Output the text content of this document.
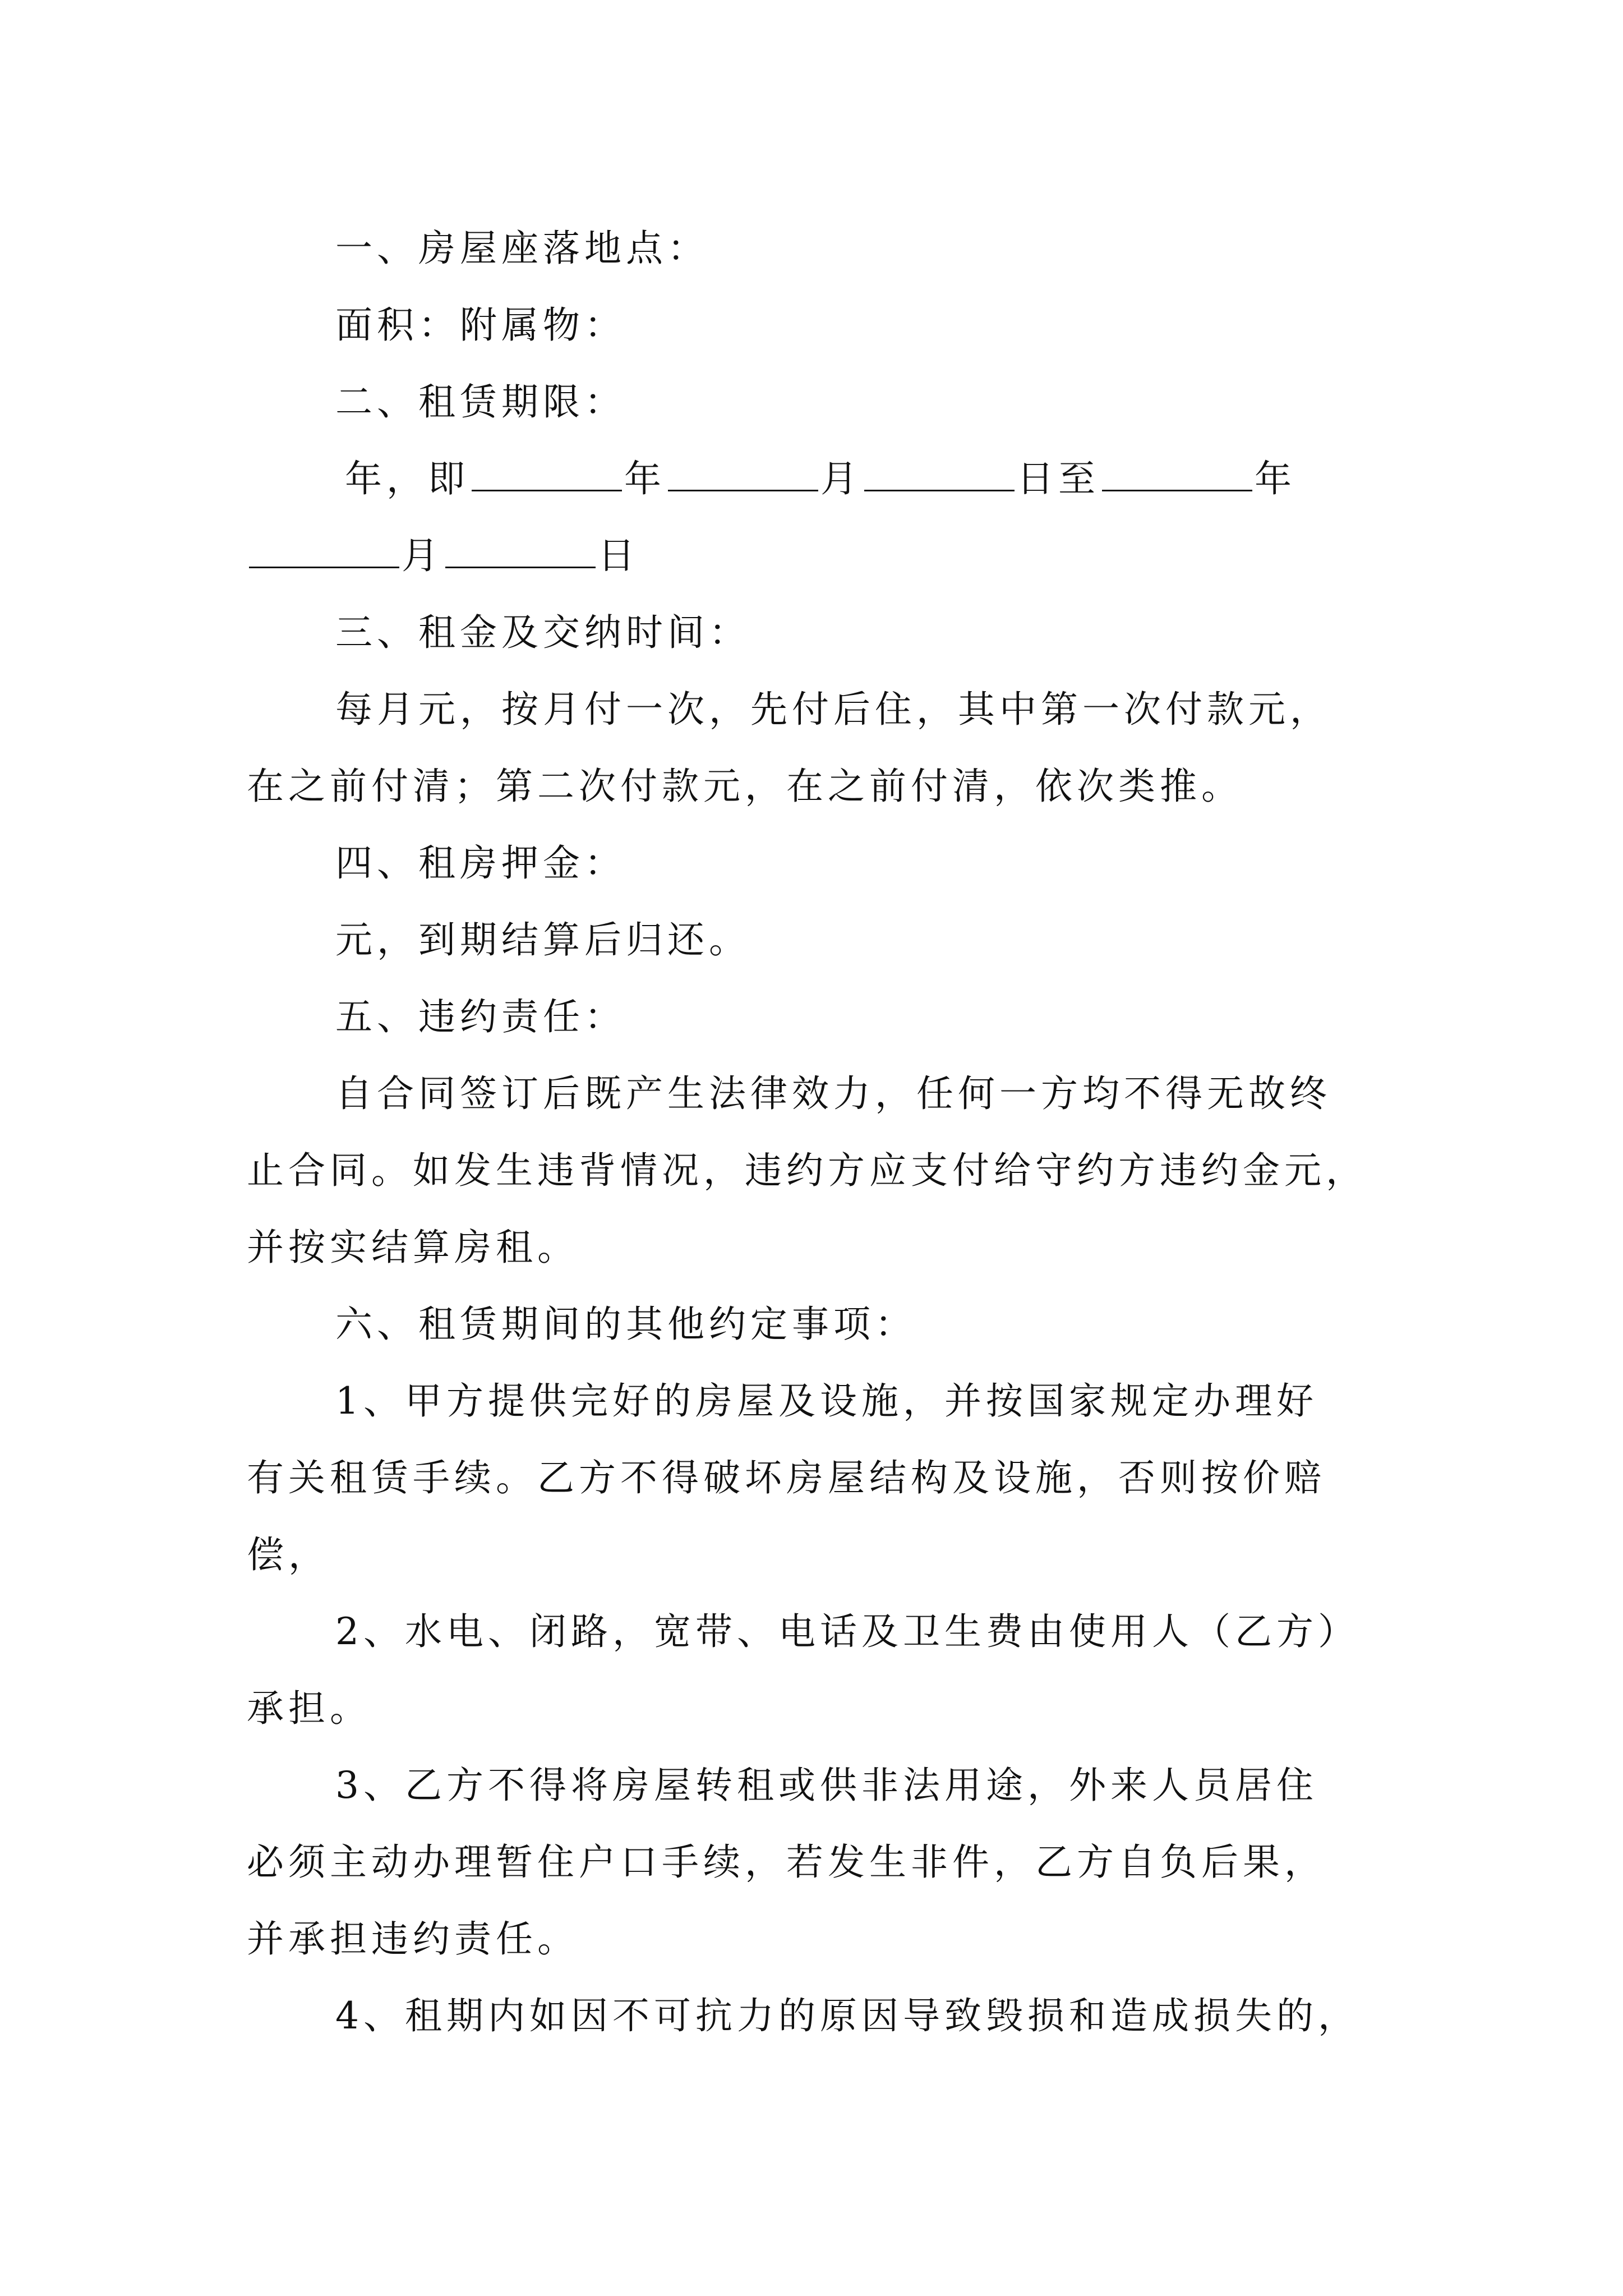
一、房屋座落地点：
面积：附属物：
二、租赁期限：
年，即	年	月	日至	年
月	日
三、租金及交纳时间：
每月元，按月付一次，先付后住，其中第一次付款元，
在之前付清；第二次付款元，在之前付清，依次类推。
四、租房押金：
元，到期结算后归还。
五、违约责任：
自合同签订后既产生法律效力，任何一方均不得无故终
止合同。如发生违背情况，违约方应支付给守约方违约金元，
并按实结算房租。
六、租赁期间的其他约定事项：
1、甲方提供完好的房屋及设施，并按国家规定办理好
有关租赁手续。乙方不得破坏房屋结构及设施，否则按价赔
偿，
2、水电、闭路，宽带、电话及卫生费由使用人（乙方）
承担。
3、乙方不得将房屋转租或供非法用途，外来人员居住
必须主动办理暂住户口手续，若发生非件，乙方自负后果，
并承担违约责任。
4、租期内如因不可抗力的原因导致毁损和造成损失的，
